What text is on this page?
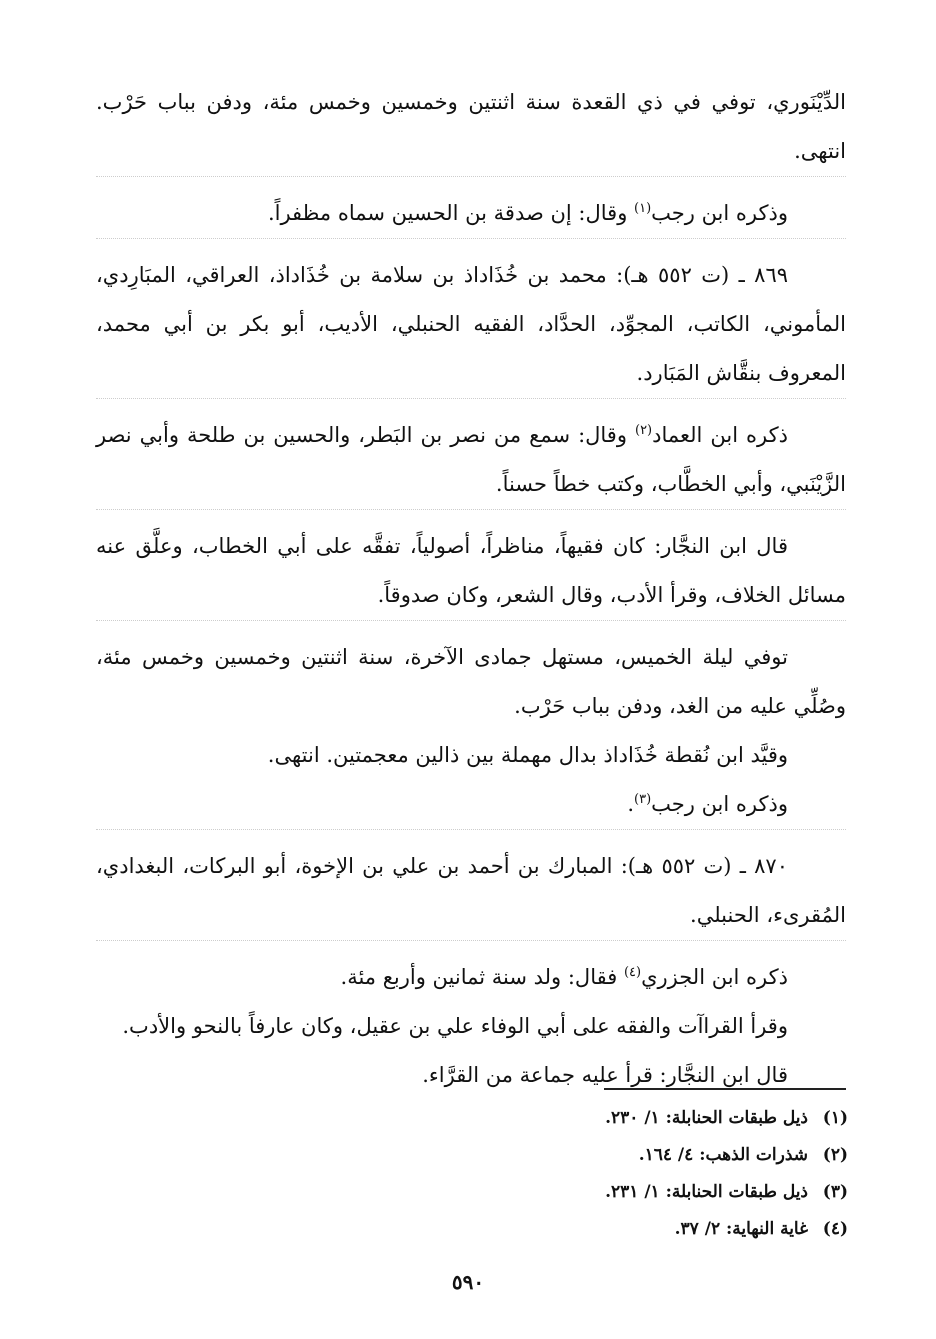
الدِّيْنَوري، توفي في ذي القعدة سنة اثنتين وخمسين وخمس مئة، ودفن بباب حَرْب. انتهى.

وذكره ابن رجب$^{(١)}$ وقال: إن صدقة بن الحسين سماه مظفراً.

٨٦٩ ـ (ت ٥٥٢ هـ): محمد بن خُذَاداذ بن سلامة بن خُذَاداذ، العراقي، المبَارِدي، المأموني، الكاتب، المجوِّد، الحدَّاد، الفقيه الحنبلي، الأديب، أبو بكر بن أبي محمد، المعروف بنقَّاش المَبَارد.

ذكره ابن العماد$^{(٢)}$ وقال: سمع من نصر بن البَطر، والحسين بن طلحة وأبي نصر الزَّيْنَبي، وأبي الخطَّاب، وكتب خطاً حسناً.

قال ابن النجَّار: كان فقيهاً، مناظراً، أصولياً، تفقَّه على أبي الخطاب، وعلَّق عنه مسائل الخلاف، وقرأ الأدب، وقال الشعر، وكان صدوقاً.

توفي ليلة الخميس، مستهل جمادى الآخرة، سنة اثنتين وخمسين وخمس مئة، وصُلِّي عليه من الغد، ودفن بباب حَرْب.

وقيَّد ابن نُقطة خُذَاداذ بدال مهملة بين ذالين معجمتين. انتهى.

وذكره ابن رجب$^{(٣)}$.

٨٧٠ ـ (ت ٥٥٢ هـ): المبارك بن أحمد بن علي بن الإخوة، أبو البركات، البغدادي، المُقرىء، الحنبلي.

ذكره ابن الجزري$^{(٤)}$ فقال: ولد سنة ثمانين وأربع مئة.

وقرأ القراآت والفقه على أبي الوفاء علي بن عقيل، وكان عارفاً بالنحو والأدب.

قال ابن النجَّار: قرأ عليه جماعة من القرَّاء.

(١)
ذيل طبقات الحنابلة: ١/ ٢٣٠.
(٢)
شذرات الذهب: ٤/ ١٦٤.
(٣)
ذيل طبقات الحنابلة: ١/ ٢٣١.
(٤)
غاية النهاية: ٢/ ٣٧.
٥٩٠
